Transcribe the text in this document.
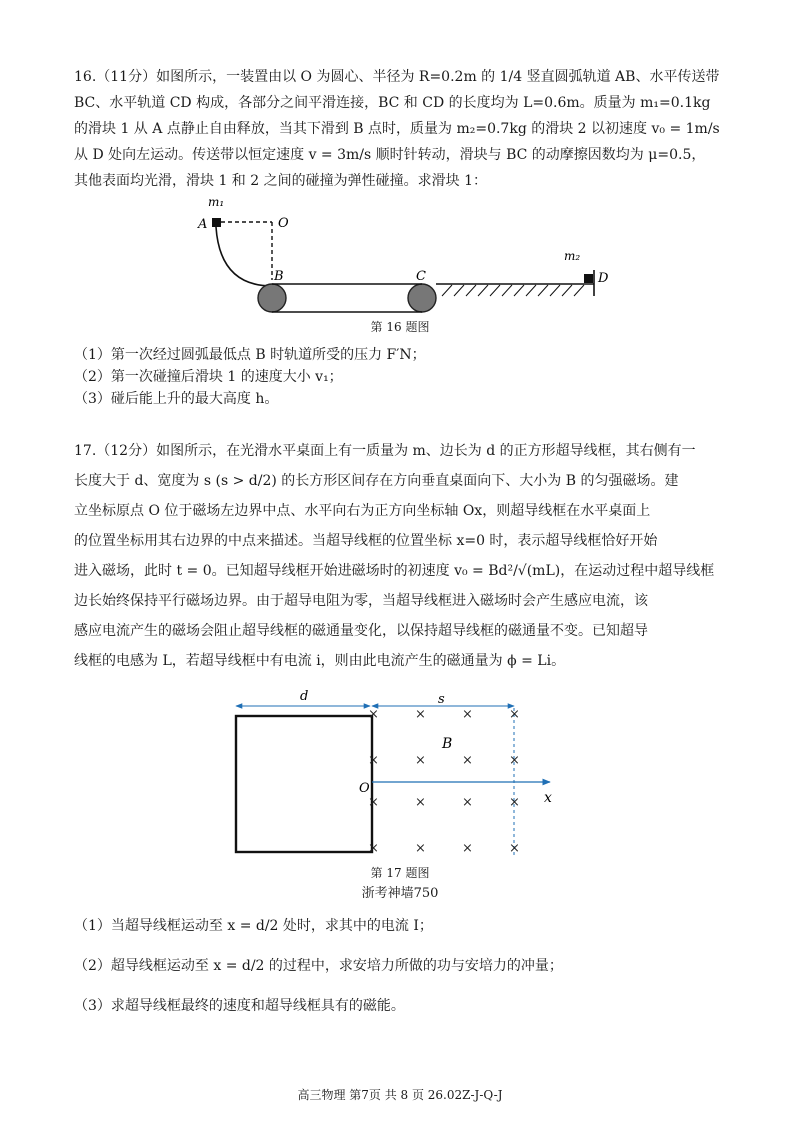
16.（11分）如图所示，一装置由以 O 为圆心、半径为 R=0.2m 的 1/4 竖直圆弧轨道 AB、水平传送带

BC、水平轨道 CD 构成，各部分之间平滑连接，BC 和 CD 的长度均为 L=0.6m。质量为 m₁=0.1kg

的滑块 1 从 A 点静止自由释放，当其下滑到 B 点时，质量为 m₂=0.7kg 的滑块 2 以初速度 v₀ = 1m/s

从 D 处向左运动。传送带以恒定速度 v = 3m/s 顺时针转动，滑块与 BC 的动摩擦因数均为 μ=0.5，

其他表面均光滑，滑块 1 和 2 之间的碰撞为弹性碰撞。求滑块 1：

m₁
A	O
B	C
m₂
D
第 16 题图

（1）第一次经过圆弧最低点 B 时轨道所受的压力 F′N；

（2）第一次碰撞后滑块 1 的速度大小 v₁；

（3）碰后能上升的最大高度 h。

17.（12分）如图所示，在光滑水平桌面上有一质量为 m、边长为 d 的正方形超导线框，其右侧有一

长度大于 d、宽度为 s (s > d/2) 的长方形区间存在方向垂直桌面向下、大小为 B 的匀强磁场。建

立坐标原点 O 位于磁场左边界中点、水平向右为正方向坐标轴 Ox，则超导线框在水平桌面上

的位置坐标用其右边界的中点来描述。当超导线框的位置坐标 x=0 时，表示超导线框恰好开始

进入磁场，此时 t = 0。已知超导线框开始进磁场时的初速度 v₀ = Bd²/√(mL)，在运动过程中超导线框

边长始终保持平行磁场边界。由于超导电阻为零，当超导线框进入磁场时会产生感应电流，该

感应电流产生的磁场会阻止超导线框的磁通量变化，以保持超导线框的磁通量不变。已知超导

线框的电感为 L，若超导线框中有电流 i，则由此电流产生的磁通量为 ϕ = Li。

d	s
x
O
B
×	×	×	×
×	×	×	×
×	×	×	×
×	×	×	×
第 17 题图
浙考神墙750

（1）当超导线框运动至 x = d/2 处时，求其中的电流 I；

（2）超导线框运动至 x = d/2 的过程中，求安培力所做的功与安培力的冲量；

（3）求超导线框最终的速度和超导线框具有的磁能。

高三物理 第7页 共 8 页 26.02Z-J-Q-J
